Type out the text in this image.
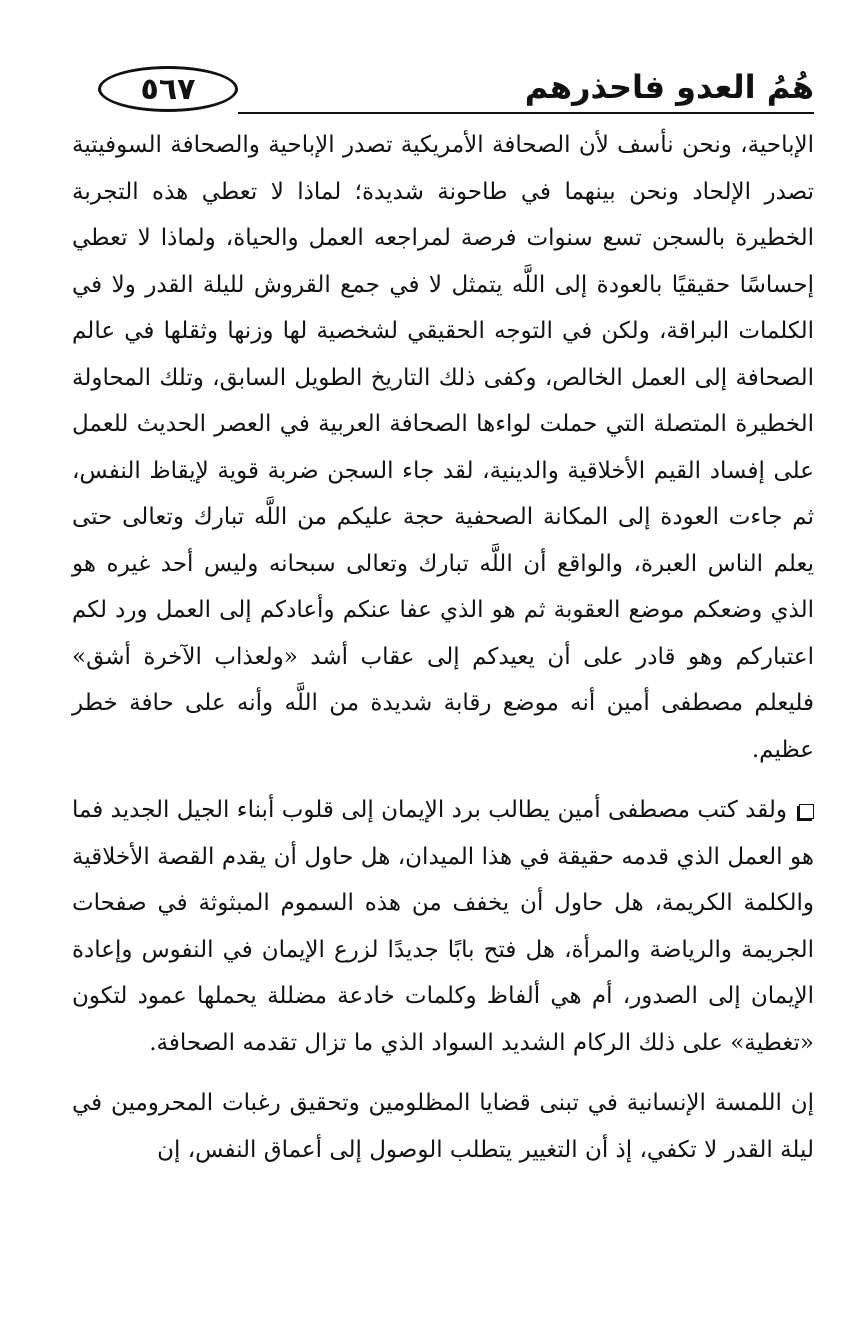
٥٦٧	هُمُ العدو فاحذرهم

الإباحية، ونحن نأسف لأن الصحافة الأمريكية تصدر الإباحية والصحافة السوفيتية تصدر الإلحاد ونحن بينهما في طاحونة شديدة؛ لماذا لا تعطي هذه التجربة الخطيرة بالسجن تسع سنوات فرصة لمراجعه العمل والحياة، ولماذا لا تعطي إحساسًا حقيقيًا بالعودة إلى اللَّه يتمثل لا في جمع القروش لليلة القدر ولا في الكلمات البراقة، ولكن في التوجه الحقيقي لشخصية لها وزنها وثقلها في عالم الصحافة إلى العمل الخالص، وكفى ذلك التاريخ الطويل السابق، وتلك المحاولة الخطيرة المتصلة التي حملت لواءها الصحافة العربية في العصر الحديث للعمل على إفساد القيم الأخلاقية والدينية، لقد جاء السجن ضربة قوية لإيقاظ النفس، ثم جاءت العودة إلى المكانة الصحفية حجة عليكم من اللَّه تبارك وتعالى حتى يعلم الناس العبرة، والواقع أن اللَّه تبارك وتعالى سبحانه وليس أحد غيره هو الذي وضعكم موضع العقوبة ثم هو الذي عفا عنكم وأعادكم إلى العمل ورد لكم اعتباركم وهو قادر على أن يعيدكم إلى عقاب أشد «ولعذاب الآخرة أشق» فليعلم مصطفى أمين أنه موضع رقابة شديدة من اللَّه وأنه على حافة خطر عظيم.

ولقد كتب مصطفى أمين يطالب برد الإيمان إلى قلوب أبناء الجيل الجديد فما هو العمل الذي قدمه حقيقة في هذا الميدان، هل حاول أن يقدم القصة الأخلاقية والكلمة الكريمة، هل حاول أن يخفف من هذه السموم المبثوثة في صفحات الجريمة والرياضة والمرأة، هل فتح بابًا جديدًا لزرع الإيمان في النفوس وإعادة الإيمان إلى الصدور، أم هي ألفاظ وكلمات خادعة مضللة يحملها عمود لتكون «تغطية» على ذلك الركام الشديد السواد الذي ما تزال تقدمه الصحافة.

إن اللمسة الإنسانية في تبنى قضايا المظلومين وتحقيق رغبات المحرومين في ليلة القدر لا تكفي، إذ أن التغيير يتطلب الوصول إلى أعماق النفس، إن
